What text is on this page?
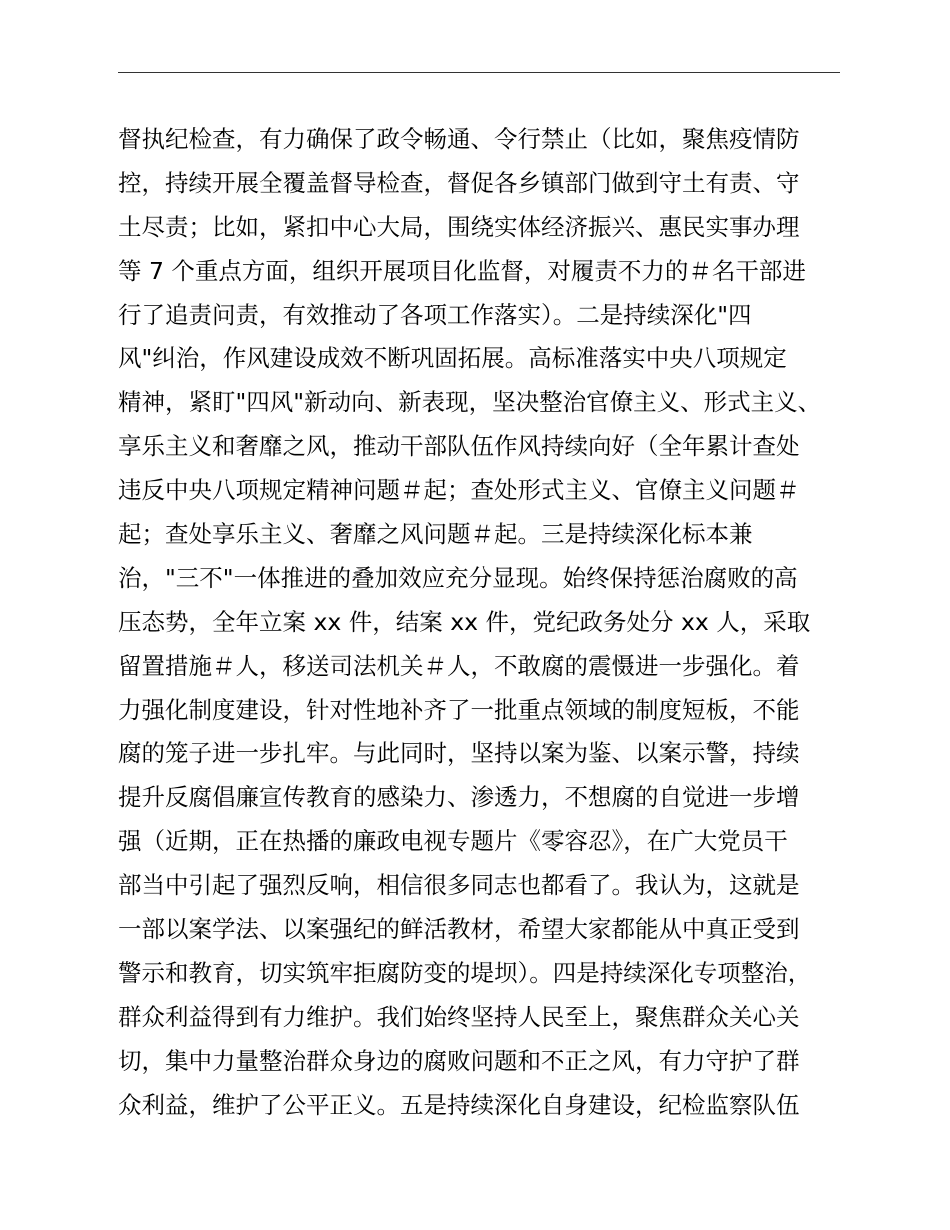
督执纪检查，有力确保了政令畅通、令行禁止（比如，聚焦疫情防
控，持续开展全覆盖督导检查，督促各乡镇部门做到守土有责、守
土尽责；比如，紧扣中心大局，围绕实体经济振兴、惠民实事办理
等 7 个重点方面，组织开展项目化监督，对履责不力的＃名干部进
行了追责问责，有效推动了各项工作落实）。二是持续深化"四
风"纠治，作风建设成效不断巩固拓展。高标准落实中央八项规定
精神，紧盯"四风"新动向、新表现，坚决整治官僚主义、形式主义、
享乐主义和奢靡之风，推动干部队伍作风持续向好（全年累计查处
违反中央八项规定精神问题＃起；查处形式主义、官僚主义问题＃
起；查处享乐主义、奢靡之风问题＃起。三是持续深化标本兼
治，"三不"一体推进的叠加效应充分显现。始终保持惩治腐败的高
压态势，全年立案 xx 件，结案 xx 件，党纪政务处分 xx 人，采取
留置措施＃人，移送司法机关＃人，不敢腐的震慑进一步强化。着
力强化制度建设，针对性地补齐了一批重点领域的制度短板，不能
腐的笼子进一步扎牢。与此同时，坚持以案为鉴、以案示警，持续
提升反腐倡廉宣传教育的感染力、渗透力，不想腐的自觉进一步增
强（近期，正在热播的廉政电视专题片《零容忍》，在广大党员干
部当中引起了强烈反响，相信很多同志也都看了。我认为，这就是
一部以案学法、以案强纪的鲜活教材，希望大家都能从中真正受到
警示和教育，切实筑牢拒腐防变的堤坝）。四是持续深化专项整治，
群众利益得到有力维护。我们始终坚持人民至上，聚焦群众关心关
切，集中力量整治群众身边的腐败问题和不正之风，有力守护了群
众利益，维护了公平正义。五是持续深化自身建设，纪检监察队伍
